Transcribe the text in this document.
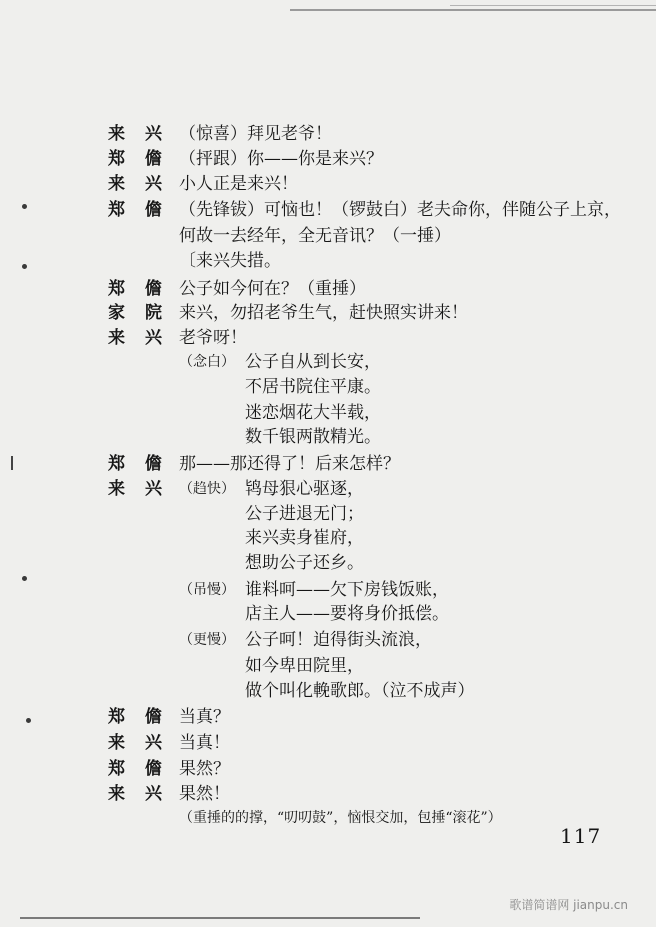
来 兴 （惊喜）拜见老爷！
郑 儋 （抨跟）你——你是来兴？
来 兴 小人正是来兴！
郑 儋 （先锋钹）可恼也！（锣鼓白）老夫命你，伴随公子上京，
何故一去经年，全无音讯？（一捶）
〔来兴失措。
郑 儋 公子如今何在？（重捶）
家 院 来兴，勿招老爷生气，赶快照实讲来！
来 兴 老爷呀！
（念白） 公子自从到长安，
不居书院住平康。
迷恋烟花大半载，
数千银两散精光。
郑 儋 那——那还得了！后来怎样？
来 兴 （趋快） 鸨母狠心驱逐，
公子进退无门；
来兴卖身崔府，
想助公子还乡。
（吊慢） 谁料呵——欠下房钱饭账，
店主人——要将身价抵偿。
（更慢） 公子呵！迫得街头流浪，
如今卑田院里，
做个叫化輓歌郎。（泣不成声）
郑 儋 当真？
来 兴 当真！
郑 儋 果然？
来 兴 果然！
（重捶的的撑，“叨叨鼓”，恼恨交加，包捶“滚花”）
117
歌谱简谱网 jianpu.cn
